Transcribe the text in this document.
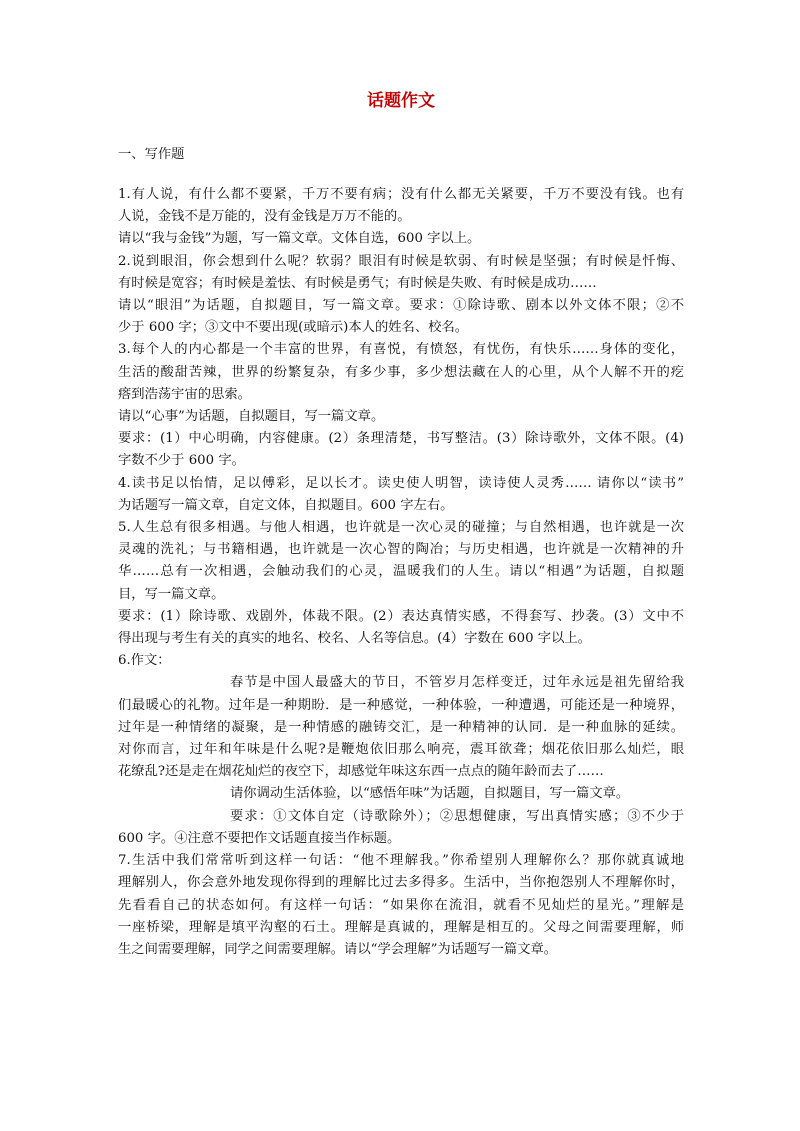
话题作文
一、写作题
1.有人说，有什么都不要紧，千万不要有病；没有什么都无关紧要，千万不要没有钱。也有
人说，金钱不是万能的，没有金钱是万万不能的。
请以“我与金钱”为题，写一篇文章。文体自选，600 字以上。
2.说到眼泪，你会想到什么呢？软弱？眼泪有时候是软弱、有时候是坚强；有时候是忏悔、
有时候是宽容；有时候是羞怯、有时候是勇气；有时候是失败、有时候是成功……
请以“眼泪”为话题，自拟题目，写一篇文章。要求：①除诗歌、剧本以外文体不限；②不
少于 600 字；③文中不要出现(或暗示)本人的姓名、校名。
3.每个人的内心都是一个丰富的世界，有喜悦，有愤怒，有忧伤，有快乐……身体的变化，
生活的酸甜苦辣，世界的纷繁复杂，有多少事，多少想法藏在人的心里，从个人解不开的疙
瘩到浩荡宇宙的思索。
请以“心事”为话题，自拟题目，写一篇文章。
要求：(1）中心明确，内容健康。(2）条理清楚，书写整洁。(3）除诗歌外，文体不限。(4)
字数不少于 600 字。
4.读书足以怡情，足以傅彩，足以长才。读史使人明智，读诗使人灵秀…… 请你以“读书”
为话题写一篇文章，自定文体，自拟题目。600 字左右。
5.人生总有很多相遇。与他人相遇，也许就是一次心灵的碰撞；与自然相遇，也许就是一次
灵魂的洗礼；与书籍相遇，也许就是一次心智的陶冶；与历史相遇，也许就是一次精神的升
华……总有一次相遇，会触动我们的心灵，温暖我们的人生。请以“相遇”为话题，自拟题
目，写一篇文章。
要求：(1）除诗歌、戏剧外，体裁不限。(2）表达真情实感，不得套写、抄袭。(3）文中不
得出现与考生有关的真实的地名、校名、人名等信息。(4）字数在 600 字以上。
6.作文：
春节是中国人最盛大的节日，不管岁月怎样变迁，过年永远是祖先留给我
们最暖心的礼物。过年是一种期盼．是一种感觉，一种体验，一种遭遇，可能还是一种境界，
过年是一种情绪的凝聚，是一种情感的融铸交汇，是一种精神的认同．是一种血脉的延续。
对你而言，过年和年味是什么呢?是鞭炮依旧那么响亮，震耳欲聋；烟花依旧那么灿烂，眼
花缭乱?还是走在烟花灿烂的夜空下，却感觉年味这东西一点点的随年龄而去了……
请你调动生活体验，以“感悟年味”为话题，自拟题目，写一篇文章。
要求：①文体自定（诗歌除外）；②思想健康，写出真情实感；③不少于
600 字。④注意不要把作文话题直接当作标题。
7.生活中我们常常听到这样一句话：“他不理解我。”你希望别人理解你么？那你就真诚地
理解别人，你会意外地发现你得到的理解比过去多得多。生活中，当你抱怨别人不理解你时，
先看看自己的状态如何。有这样一句话：“如果你在流泪，就看不见灿烂的星光。”理解是
一座桥梁，理解是填平沟壑的石土。理解是真诚的，理解是相互的。父母之间需要理解，师
生之间需要理解，同学之间需要理解。请以“学会理解”为话题写一篇文章。
